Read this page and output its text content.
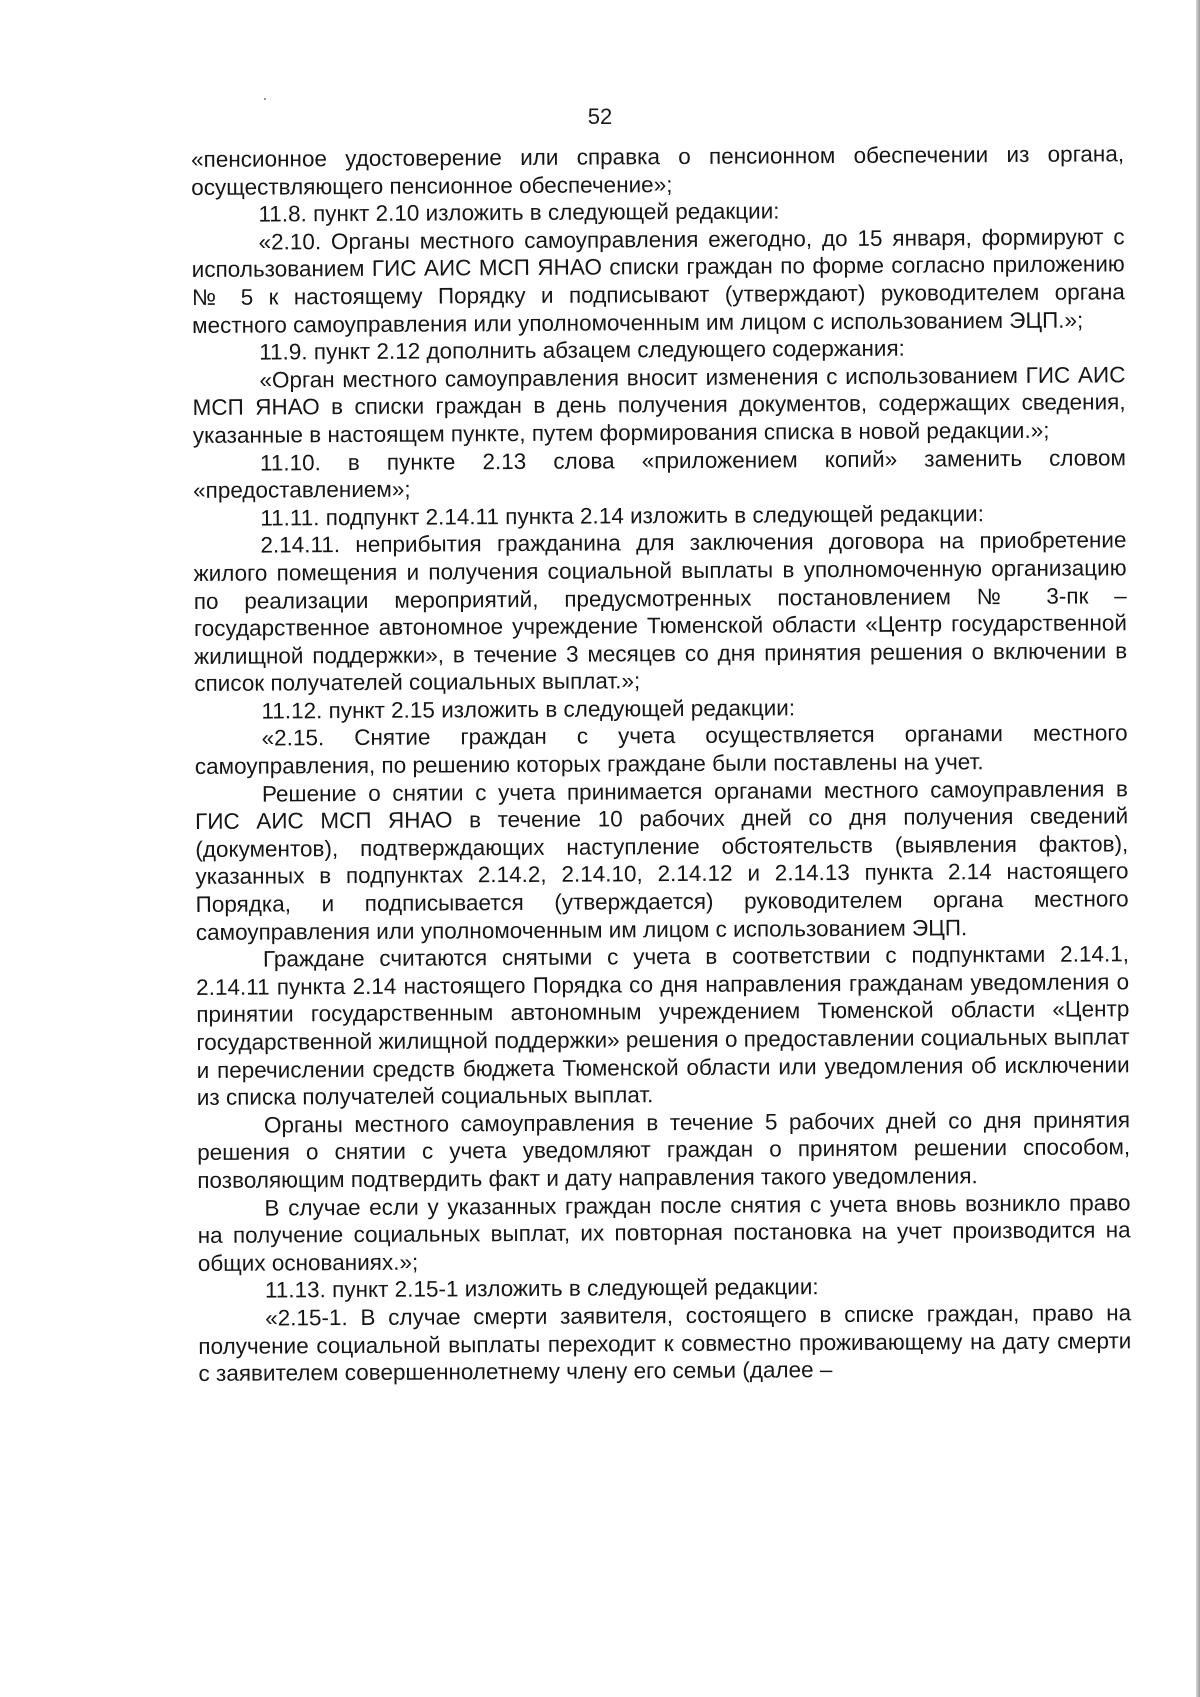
52

«пенсионное удостоверение или справка о пенсионном обеспечении из органа, осуществляющего пенсионное обеспечение»;

11.8. пункт 2.10 изложить в следующей редакции:

«2.10. Органы местного самоуправления ежегодно, до 15 января, формируют с использованием ГИС АИС МСП ЯНАО списки граждан по форме согласно приложению № 5 к настоящему Порядку и подписывают (утверждают) руководителем органа местного самоуправления или уполномоченным им лицом с использованием ЭЦП.»;

11.9. пункт 2.12 дополнить абзацем следующего содержания:

«Орган местного самоуправления вносит изменения с использованием ГИС АИС МСП ЯНАО в списки граждан в день получения документов, содержащих сведения, указанные в настоящем пункте, путем формирования списка в новой редакции.»;

11.10. в пункте 2.13 слова «приложением копий» заменить словом «предоставлением»;

11.11. подпункт 2.14.11 пункта 2.14 изложить в следующей редакции:

2.14.11. неприбытия гражданина для заключения договора на приобретение жилого помещения и получения социальной выплаты в уполномоченную организацию по реализации мероприятий, предусмотренных постановлением № 3-пк – государственное автономное учреждение Тюменской области «Центр государственной жилищной поддержки», в течение 3 месяцев со дня принятия решения о включении в список получателей социальных выплат.»;

11.12. пункт 2.15 изложить в следующей редакции:

«2.15. Снятие граждан с учета осуществляется органами местного самоуправления, по решению которых граждане были поставлены на учет.

Решение о снятии с учета принимается органами местного самоуправления в ГИС АИС МСП ЯНАО в течение 10 рабочих дней со дня получения сведений (документов), подтверждающих наступление обстоятельств (выявления фактов), указанных в подпунктах 2.14.2, 2.14.10, 2.14.12 и 2.14.13 пункта 2.14 настоящего Порядка, и подписывается (утверждается) руководителем органа местного самоуправления или уполномоченным им лицом с использованием ЭЦП.

Граждане считаются снятыми с учета в соответствии с подпунктами 2.14.1, 2.14.11 пункта 2.14 настоящего Порядка со дня направления гражданам уведомления о принятии государственным автономным учреждением Тюменской области «Центр государственной жилищной поддержки» решения о предоставлении социальных выплат и перечислении средств бюджета Тюменской области или уведомления об исключении из списка получателей социальных выплат.

Органы местного самоуправления в течение 5 рабочих дней со дня принятия решения о снятии с учета уведомляют граждан о принятом решении способом, позволяющим подтвердить факт и дату направления такого уведомления.

В случае если у указанных граждан после снятия с учета вновь возникло право на получение социальных выплат, их повторная постановка на учет производится на общих основаниях.»;

11.13. пункт 2.15-1 изложить в следующей редакции:

«2.15-1. В случае смерти заявителя, состоящего в списке граждан, право на получение социальной выплаты переходит к совместно проживающему на дату смерти с заявителем совершеннолетнему члену его семьи (далее –
